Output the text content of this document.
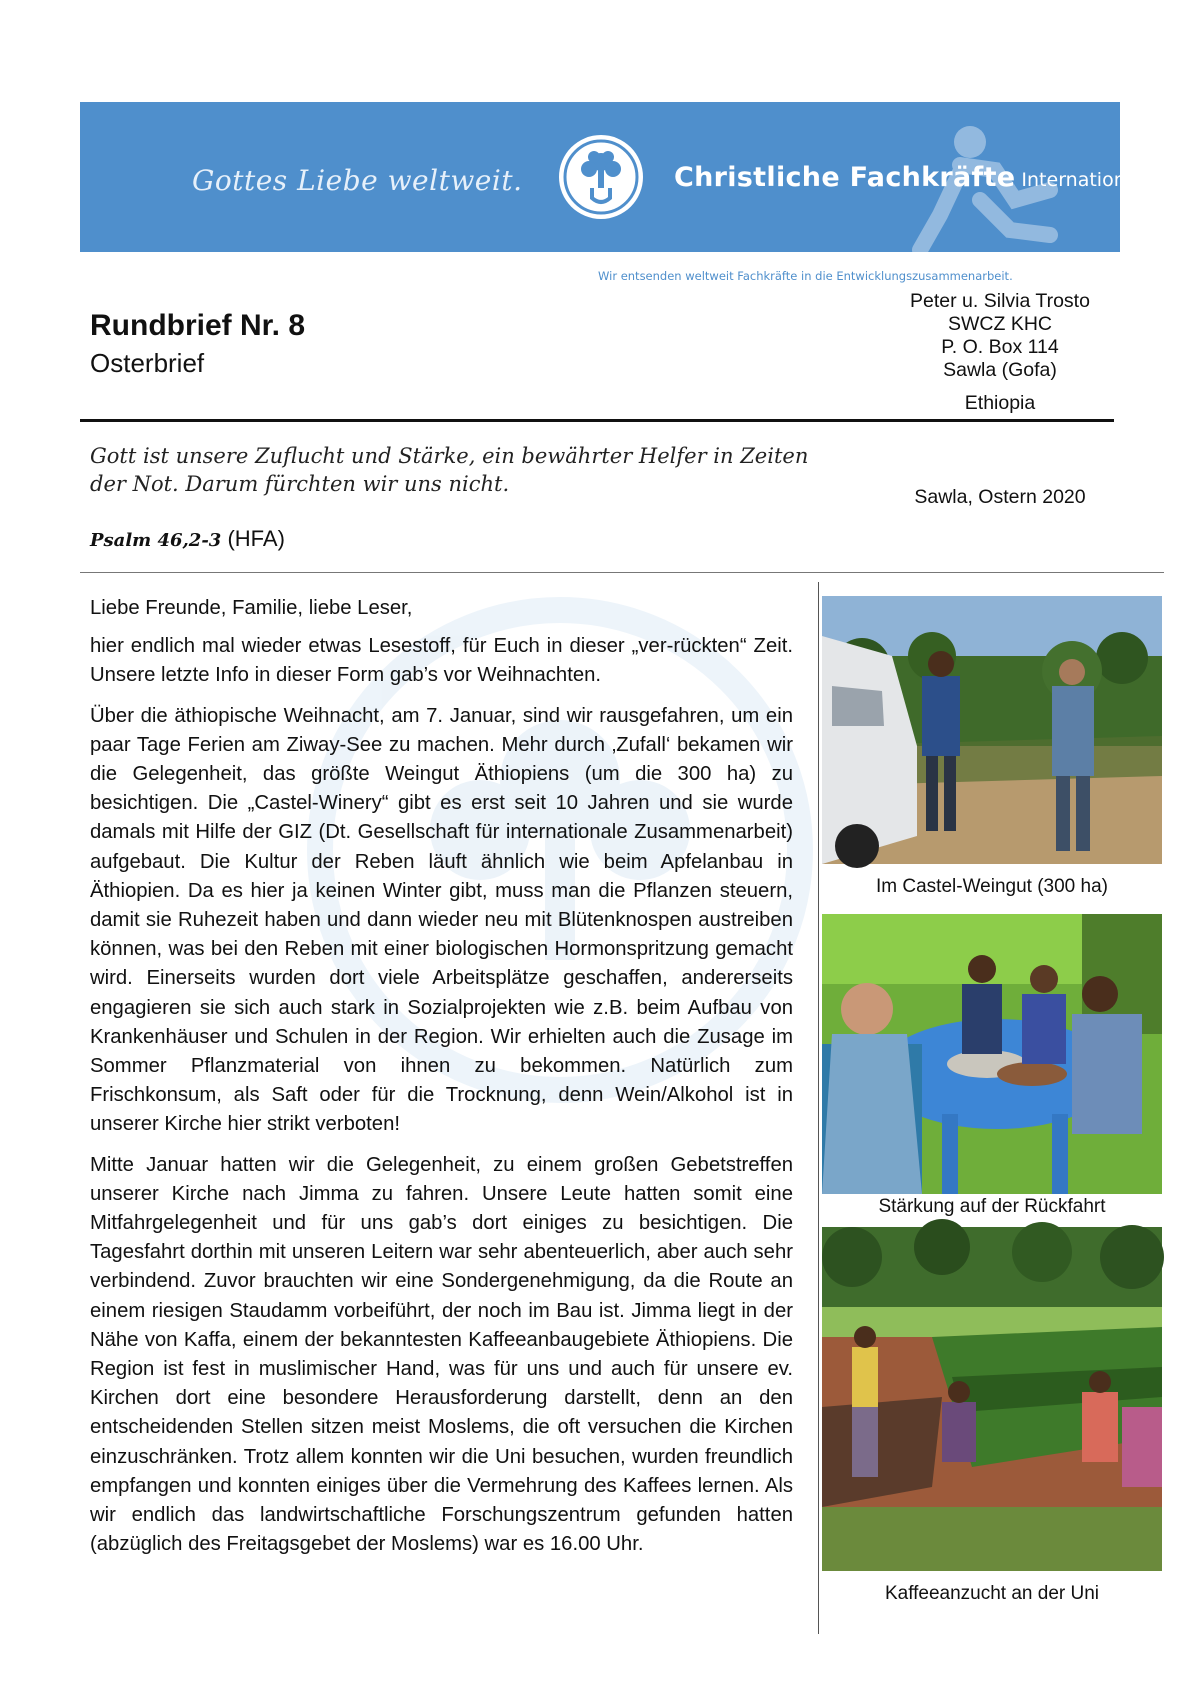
Gottes Liebe weltweit.	Christliche Fachkräfte International
Wir entsenden weltweit Fachkräfte in die Entwicklungszusammenarbeit.
Rundbrief Nr. 8
Osterbrief
Peter u. Silvia Trosto
SWCZ KHC
P. O. Box 114
Sawla (Gofa)
Ethiopia
Gott ist unsere Zuflucht und Stärke, ein bewährter Helfer in Zeiten der Not. Darum fürchten wir uns nicht.
Sawla, Ostern 2020
Psalm 46,2-3 (HFA)

Liebe Freunde, Familie, liebe Leser,

hier endlich mal wieder etwas Lesestoff, für Euch in dieser „ver-rückten“ Zeit. Unsere letzte Info in dieser Form gab’s vor Weihnachten.

Über die äthiopische Weihnacht, am 7. Januar, sind wir rausgefahren, um ein paar Tage Ferien am Ziway-See zu machen. Mehr durch ‚Zufall‘ bekamen wir die Gelegenheit, das größte Weingut Äthiopiens (um die 300 ha) zu besichtigen. Die „Castel-Winery“ gibt es erst seit 10 Jahren und sie wurde damals mit Hilfe der GIZ (Dt. Gesellschaft für internationale Zusammenarbeit) aufgebaut. Die Kultur der Reben läuft ähnlich wie beim Apfelanbau in Äthiopien. Da es hier ja keinen Winter gibt, muss man die Pflanzen steuern, damit sie Ruhezeit haben und dann wieder neu mit Blütenknospen austreiben können, was bei den Reben mit einer biologischen Hormonspritzung gemacht wird. Einerseits wurden dort viele Arbeitsplätze geschaffen, andererseits engagieren sie sich auch stark in Sozialprojekten wie z.B. beim Aufbau von Krankenhäuser und Schulen in der Region. Wir erhielten auch die Zusage im Sommer Pflanzmaterial von ihnen zu bekommen. Natürlich zum Frischkonsum, als Saft oder für die Trocknung, denn Wein/Alkohol ist in unserer Kirche hier strikt verboten!

Mitte Januar hatten wir die Gelegenheit, zu einem großen Gebetstreffen unserer Kirche nach Jimma zu fahren. Unsere Leute hatten somit eine Mitfahrgelegenheit und für uns gab’s dort einiges zu besichtigen. Die Tagesfahrt dorthin mit unseren Leitern war sehr abenteuerlich, aber auch sehr verbindend. Zuvor brauchten wir eine Sondergenehmigung, da die Route an einem riesigen Staudamm vorbeiführt, der noch im Bau ist. Jimma liegt in der Nähe von Kaffa, einem der bekanntesten Kaffeeanbaugebiete Äthiopiens. Die Region ist fest in muslimischer Hand, was für uns und auch für unsere ev. Kirchen dort eine besondere Herausforderung darstellt, denn an den entscheidenden Stellen sitzen meist Moslems, die oft versuchen die Kirchen einzuschränken. Trotz allem konnten wir die Uni besuchen, wurden freundlich empfangen und konnten einiges über die Vermehrung des Kaffees lernen. Als wir endlich das landwirtschaftliche Forschungszentrum gefunden hatten (abzüglich des Freitagsgebet der Moslems) war es 16.00 Uhr.

Im Castel-Weingut (300 ha)
Stärkung auf der Rückfahrt
Kaffeeanzucht an der Uni
